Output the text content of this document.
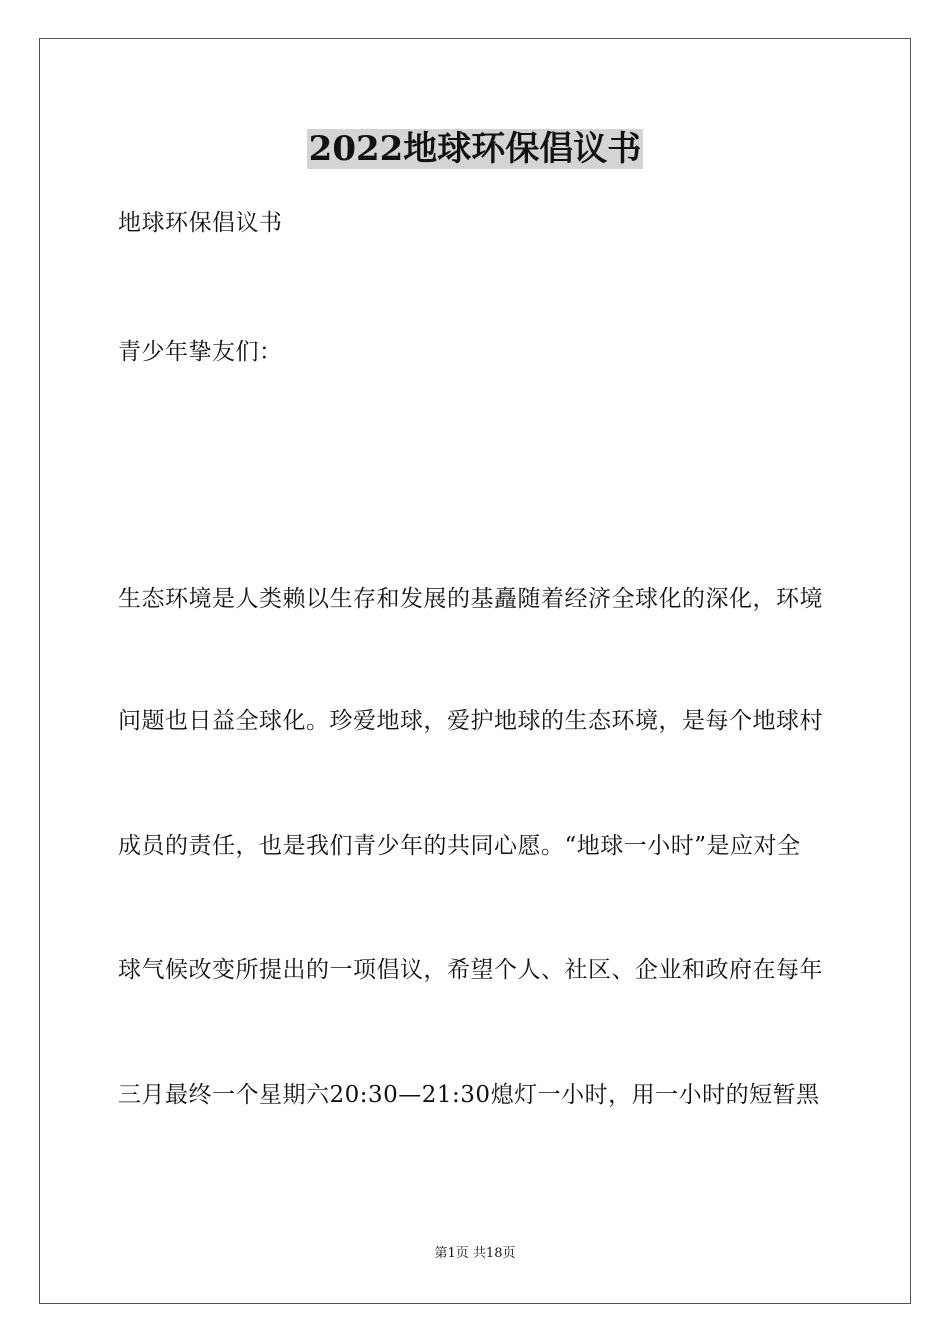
2022地球环保倡议书
地球环保倡议书
青少年挚友们：
生态环境是人类赖以生存和发展的基矗随着经济全球化的深化，环境
问题也日益全球化。珍爱地球，爱护地球的生态环境，是每个地球村
成员的责任，也是我们青少年的共同心愿。“地球一小时”是应对全
球气候改变所提出的一项倡议，希望个人、社区、企业和政府在每年
三月最终一个星期六20:30—21:30熄灯一小时，用一小时的短暂黑
第1页 共18页
